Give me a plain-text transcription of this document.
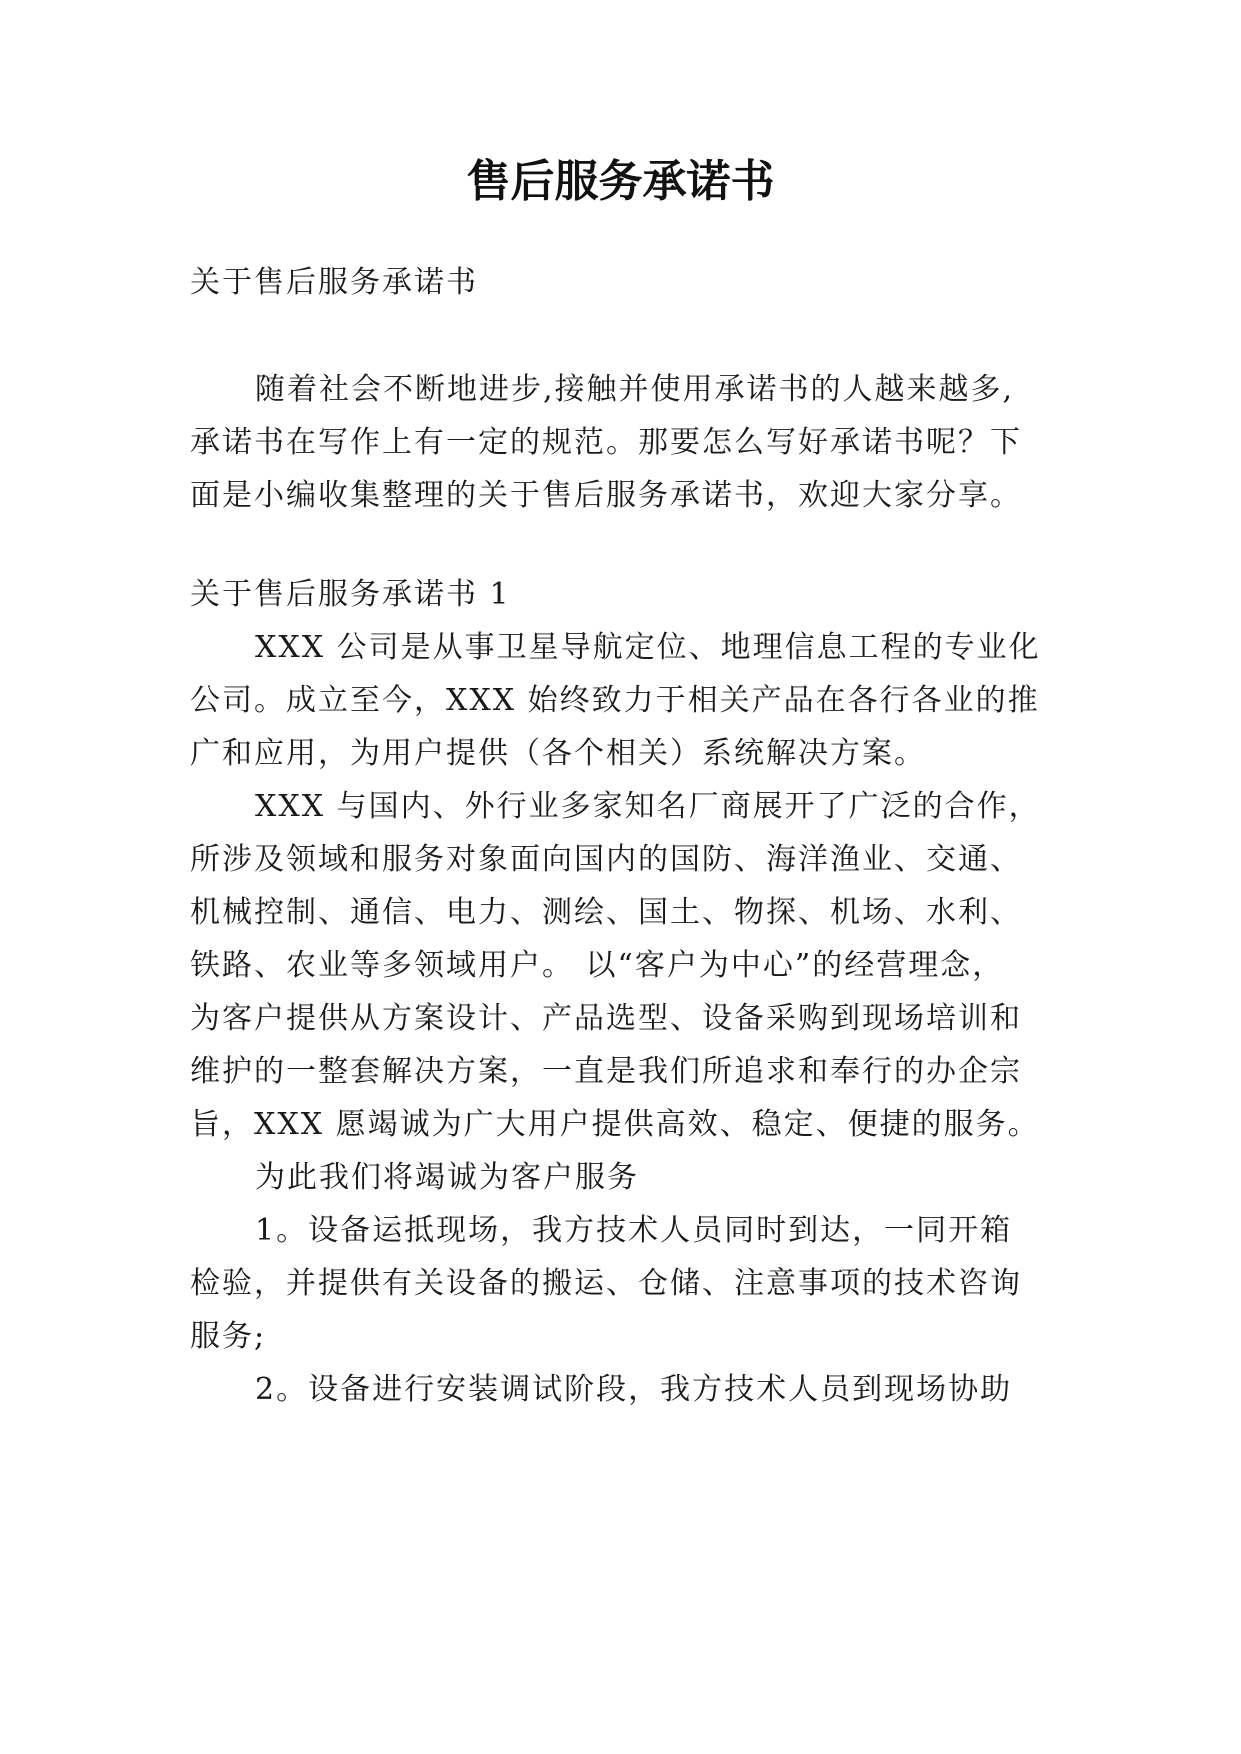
售后服务承诺书

关于售后服务承诺书

随着社会不断地进步,接触并使用承诺书的人越来越多,

承诺书在写作上有一定的规范。那要怎么写好承诺书呢？下

面是小编收集整理的关于售后服务承诺书，欢迎大家分享。

关于售后服务承诺书 1

XXX 公司是从事卫星导航定位、地理信息工程的专业化

公司。成立至今，XXX 始终致力于相关产品在各行各业的推

广和应用，为用户提供（各个相关）系统解决方案。

XXX 与国内、外行业多家知名厂商展开了广泛的合作，

所涉及领域和服务对象面向国内的国防、海洋渔业、交通、

机械控制、通信、电力、测绘、国土、物探、机场、水利、

铁路、农业等多领域用户。 以“客户为中心”的经营理念，

为客户提供从方案设计、产品选型、设备采购到现场培训和

维护的一整套解决方案，一直是我们所追求和奉行的办企宗

旨，XXX 愿竭诚为广大用户提供高效、稳定、便捷的服务。

为此我们将竭诚为客户服务

1。设备运抵现场，我方技术人员同时到达，一同开箱

检验，并提供有关设备的搬运、仓储、注意事项的技术咨询

服务;

2。设备进行安装调试阶段，我方技术人员到现场协助
